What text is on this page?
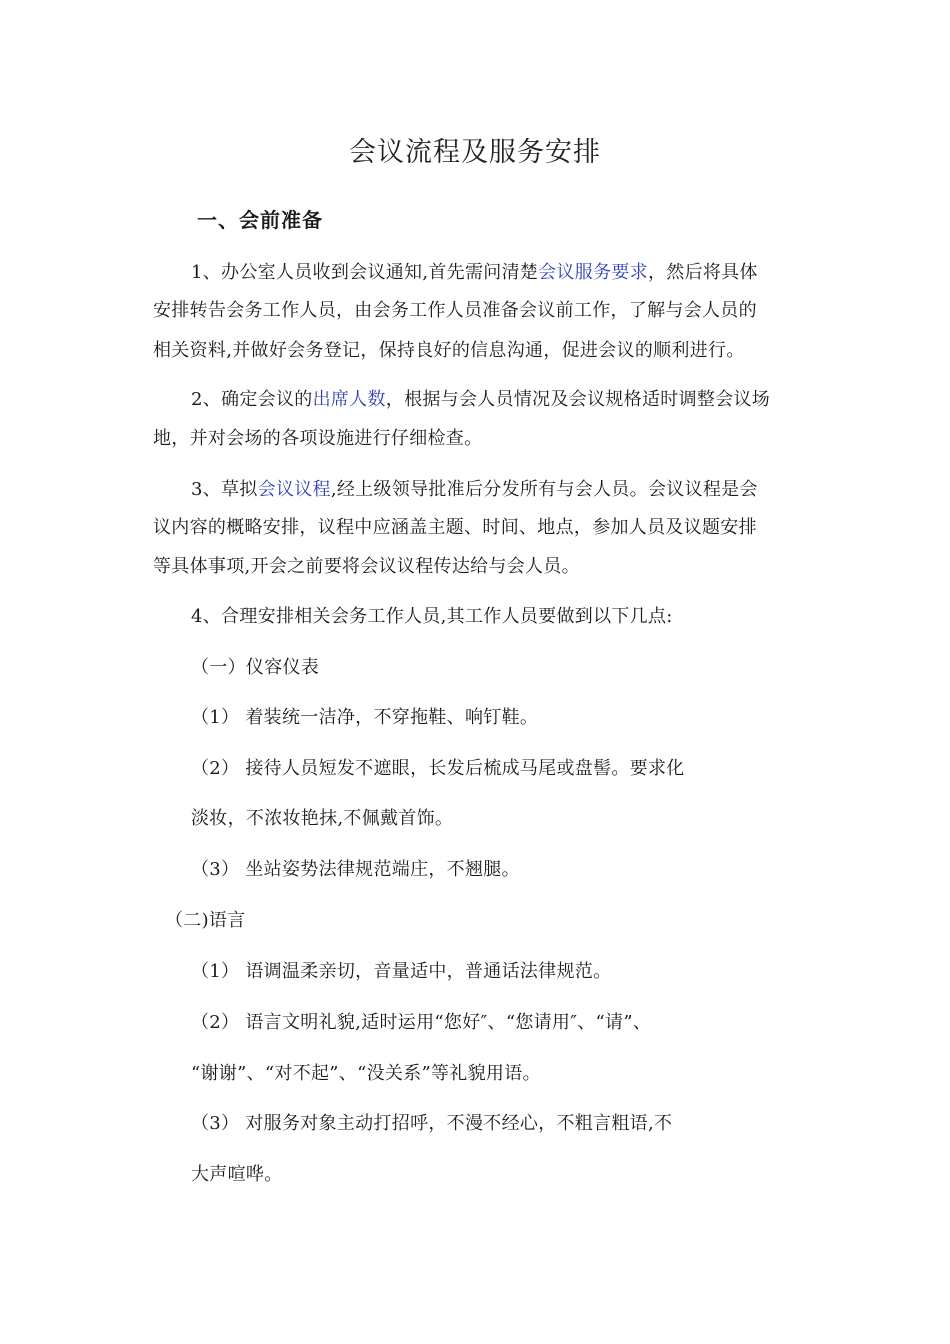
会议流程及服务安排
一、会前准备
1、办公室人员收到会议通知,首先需问清楚会议服务要求，然后将具体
安排转告会务工作人员，由会务工作人员准备会议前工作，了解与会人员的
相关资料,并做好会务登记，保持良好的信息沟通，促进会议的顺利进行。
2、确定会议的出席人数，根据与会人员情况及会议规格适时调整会议场
地，并对会场的各项设施进行仔细检查。
3、草拟会议议程,经上级领导批准后分发所有与会人员。会议议程是会
议内容的概略安排，议程中应涵盖主题、时间、地点，参加人员及议题安排
等具体事项,开会之前要将会议议程传达给与会人员。
4、合理安排相关会务工作人员,其工作人员要做到以下几点:
（一）仪容仪表
（1） 着装统一洁净，不穿拖鞋、响钉鞋。
（2） 接待人员短发不遮眼，长发后梳成马尾或盘髻。要求化
淡妆，不浓妆艳抹,不佩戴首饰。
（3） 坐站姿势法律规范端庄，不翘腿。
（二)语言
（1） 语调温柔亲切，音量适中，普通话法律规范。
（2） 语言文明礼貌,适时运用“您好″、“您请用″、“请”、
“谢谢”、“对不起”、“没关系”等礼貌用语。
（3） 对服务对象主动打招呼，不漫不经心，不粗言粗语,不
大声喧哗。
